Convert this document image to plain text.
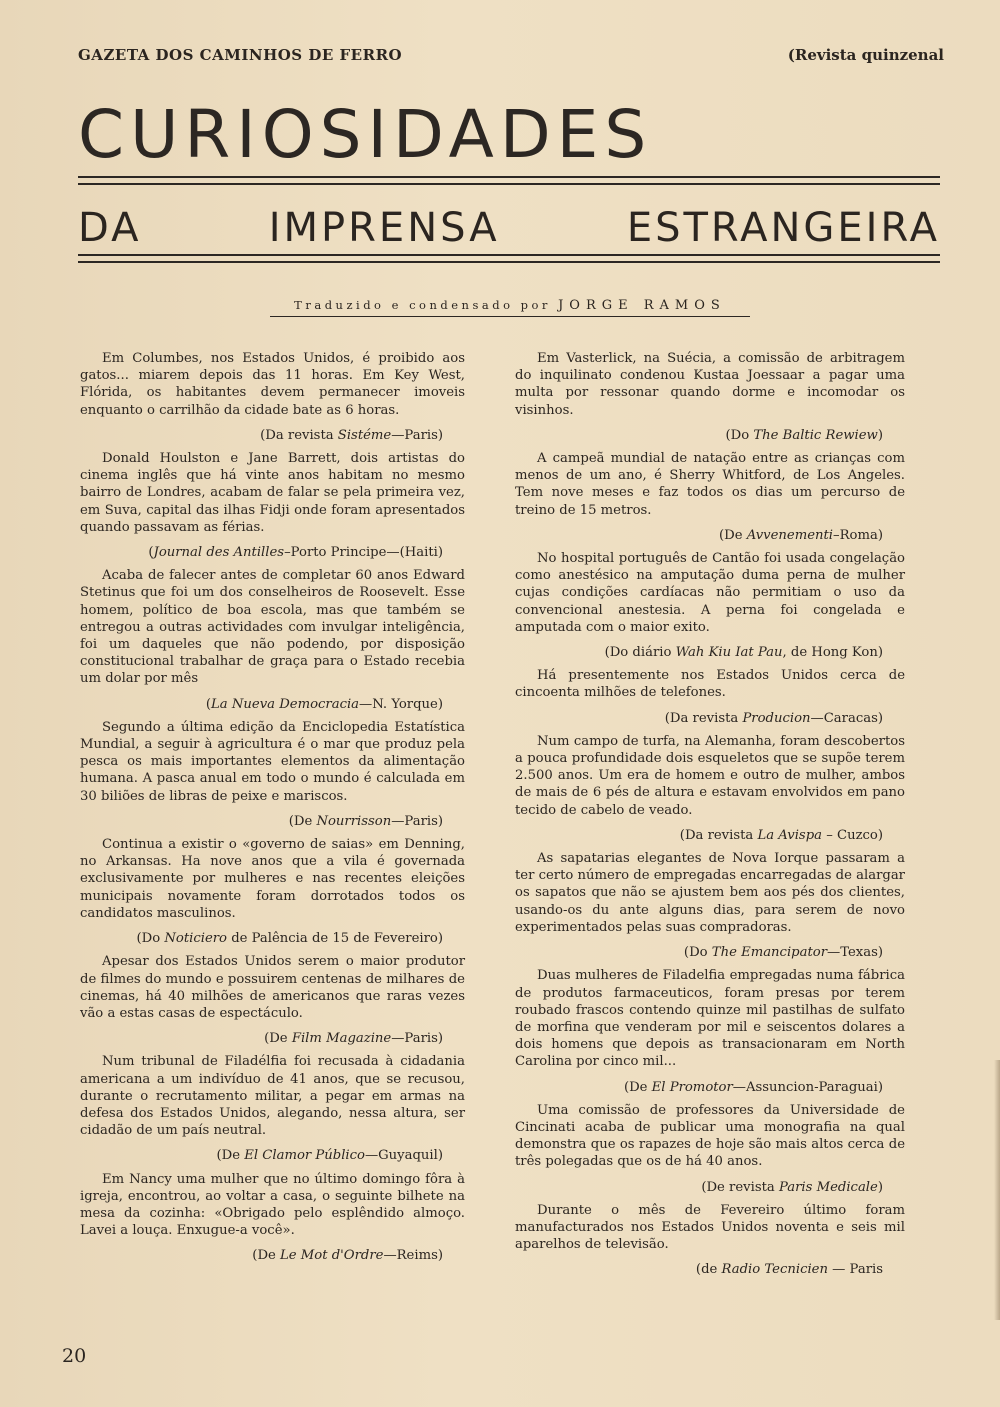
GAZETA DOS CAMINHOS DE FERRO	(Revista quinzenal
CURIOSIDADES
DA IMPRENSA ESTRANGEIRA
Traduzido e condensado por JORGE RAMOS

Em Columbes, nos Estados Unidos, é proibido aos gatos... miarem depois das 11 horas. Em Key West, Flórida, os habitantes devem permanecer imoveis enquanto o carrilhão da cidade bate as 6 horas.

(Da revista Sistéme—Paris)

Donald Houlston e Jane Barrett, dois artistas do cinema inglês que há vinte anos habitam no mesmo bairro de Londres, acabam de falar se pela primeira vez, em Suva, capital das ilhas Fidji onde foram apresentados quando passavam as férias.

(Journal des Antilles–Porto Principe—(Haiti)

Acaba de falecer antes de completar 60 anos Edward Stetinus que foi um dos conselheiros de Roosevelt. Esse homem, político de boa escola, mas que também se entregou a outras actividades com invulgar inteligência, foi um daqueles que não podendo, por disposição constitucional trabalhar de graça para o Estado recebia um dolar por mês

(La Nueva Democracia—N. Yorque)

Segundo a última edição da Enciclopedia Estatística Mundial, a seguir à agricultura é o mar que produz pela pesca os mais importantes elementos da alimentação humana. A pasca anual em todo o mundo é calculada em 30 biliões de libras de peixe e mariscos.

(De Nourrisson—Paris)

Continua a existir o «governo de saias» em Denning, no Arkansas. Ha nove anos que a vila é governada exclusivamente por mulheres e nas recentes eleições municipais novamente foram dorrotados todos os candidatos masculinos.

(Do Noticiero de Palência de 15 de Fevereiro)

Apesar dos Estados Unidos serem o maior produtor de filmes do mundo e possuirem centenas de milhares de cinemas, há 40 milhões de americanos que raras vezes vão a estas casas de espectáculo.

(De Film Magazine—Paris)

Num tribunal de Filadélfia foi recusada à cidadania americana a um indivíduo de 41 anos, que se recusou, durante o recrutamento militar, a pegar em armas na defesa dos Estados Unidos, alegando, nessa altura, ser cidadão de um país neutral.

(De El Clamor Público—Guyaquil)

Em Nancy uma mulher que no último domingo fôra à igreja, encontrou, ao voltar a casa, o seguinte bilhete na mesa da cozinha: «Obrigado pelo esplêndido almoço. Lavei a louça. Enxugue-a você».

(De Le Mot d'Ordre—Reims)

Em Vasterlick, na Suécia, a comissão de arbitragem do inquilinato condenou Kustaa Joessaar a pagar uma multa por ressonar quando dorme e incomodar os visinhos.

(Do The Baltic Rewiew)

A campeã mundial de natação entre as crianças com menos de um ano, é Sherry Whitford, de Los Angeles. Tem nove meses e faz todos os dias um percurso de treino de 15 metros.

(De Avvenementi–Roma)

No hospital português de Cantão foi usada congelação como anestésico na amputação duma perna de mulher cujas condições cardíacas não permitiam o uso da convencional anestesia. A perna foi congelada e amputada com o maior exito.

(Do diário Wah Kiu Iat Pau, de Hong Kon)

Há presentemente nos Estados Unidos cerca de cincoenta milhões de telefones.

(Da revista Producion—Caracas)

Num campo de turfa, na Alemanha, foram descobertos a pouca profundidade dois esqueletos que se supõe terem 2.500 anos. Um era de homem e outro de mulher, ambos de mais de 6 pés de altura e estavam envolvidos em pano tecido de cabelo de veado.

(Da revista La Avispa – Cuzco)

As sapatarias elegantes de Nova Iorque passaram a ter certo número de empregadas encarregadas de alargar os sapatos que não se ajustem bem aos pés dos clientes, usando-os du ante alguns dias, para serem de novo experimentados pelas suas compradoras.

(Do The Emancipator—Texas)

Duas mulheres de Filadelfia empregadas numa fábrica de produtos farmaceuticos, foram presas por terem roubado frascos contendo quinze mil pastilhas de sulfato de morfina que venderam por mil e seiscentos dolares a dois homens que depois as transacionaram em North Carolina por cinco mil...

(De El Promotor—Assuncion-Paraguai)

Uma comissão de professores da Universidade de Cincinati acaba de publicar uma monografia na qual demonstra que os rapazes de hoje são mais altos cerca de três polegadas que os de há 40 anos.

(De revista Paris Medicale)

Durante o mês de Fevereiro último foram manufacturados nos Estados Unidos noventa e seis mil aparelhos de televisão.

(de Radio Tecnicien — Paris

20
